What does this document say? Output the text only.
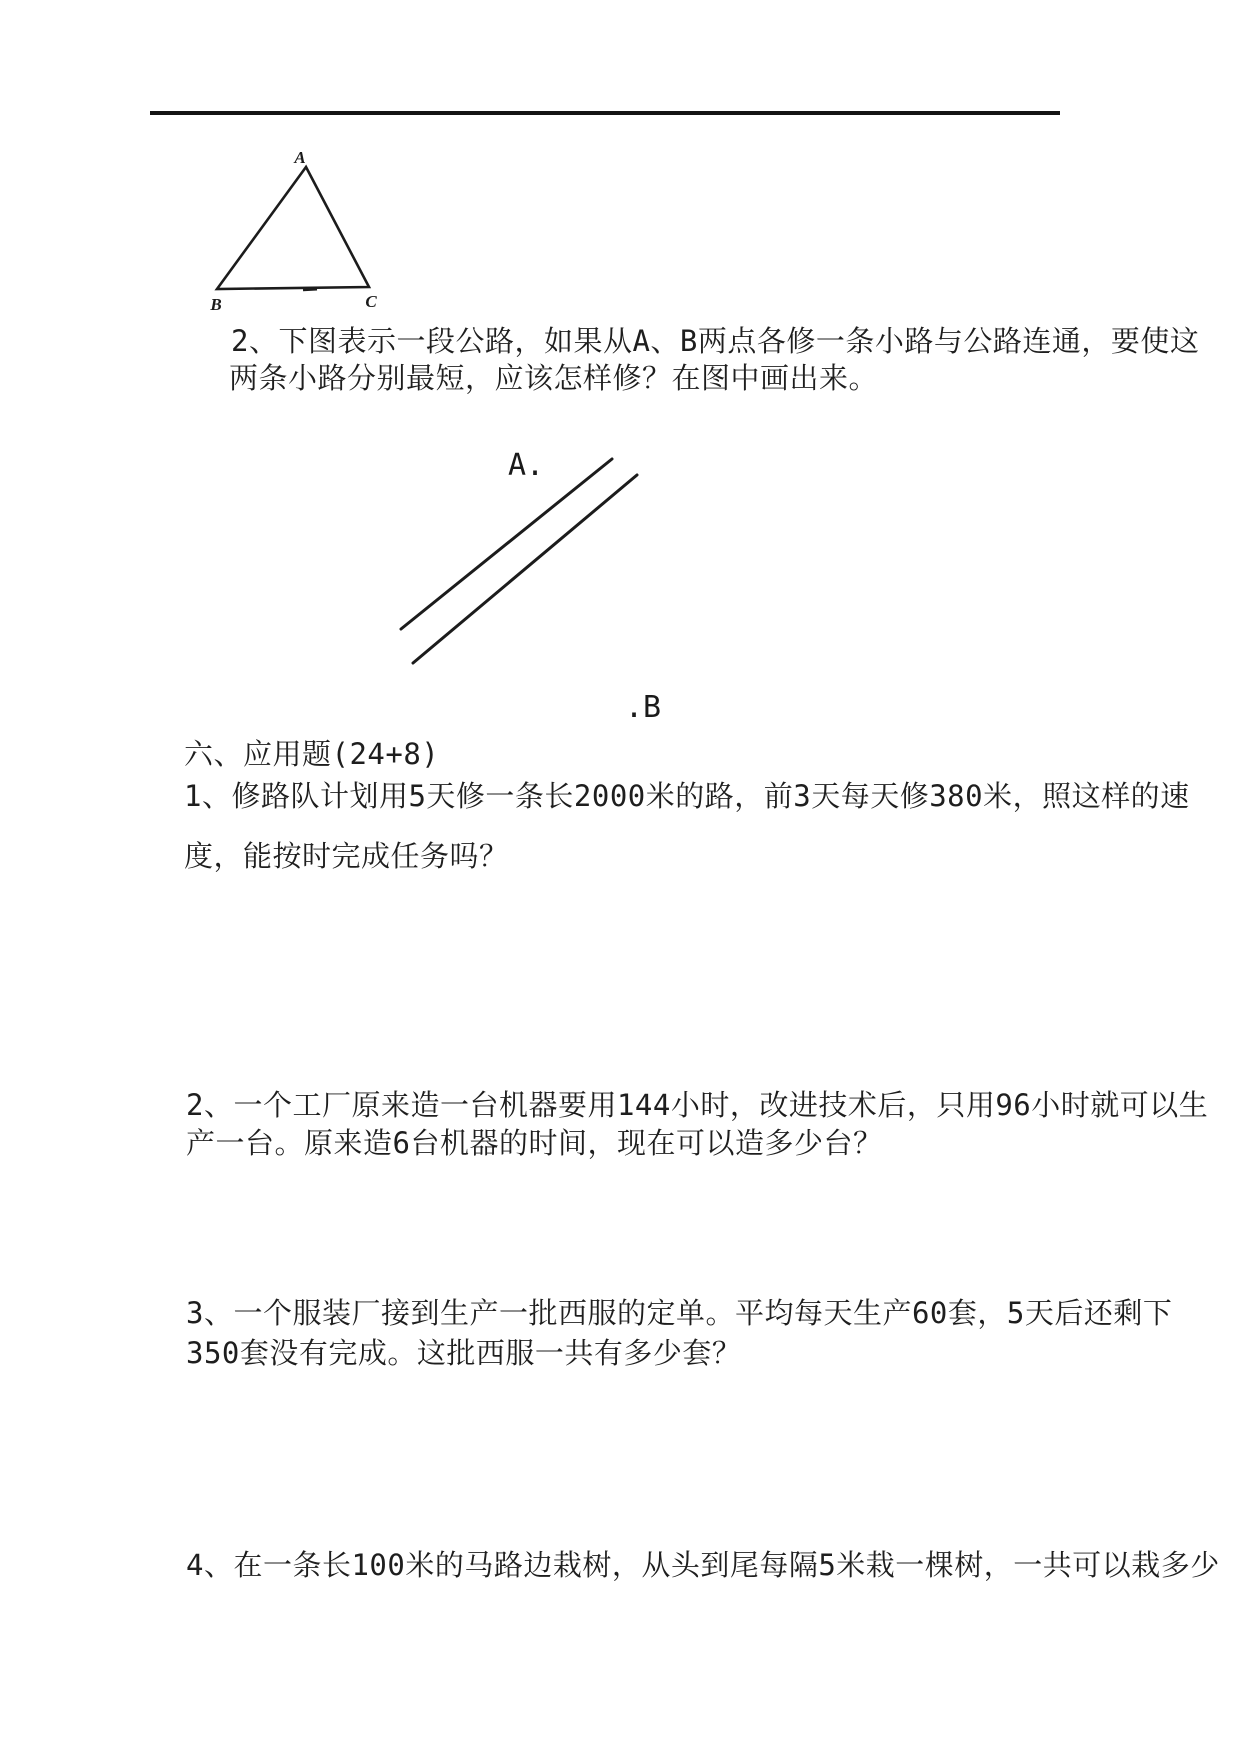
A
B	C
2、下图表示一段公路，如果从A、B两点各修一条小路与公路连通，要使这
两条小路分别最短，应该怎样修？在图中画出来。
A.
.B
六、应用题(24+8)
1、修路队计划用5天修一条长2000米的路，前3天每天修380米，照这样的速
度，能按时完成任务吗？
2、一个工厂原来造一台机器要用144小时，改进技术后，只用96小时就可以生
产一台。原来造6台机器的时间，现在可以造多少台？
3、一个服装厂接到生产一批西服的定单。平均每天生产60套，5天后还剩下
350套没有完成。这批西服一共有多少套？
4、在一条长100米的马路边栽树，从头到尾每隔5米栽一棵树，一共可以栽多少
